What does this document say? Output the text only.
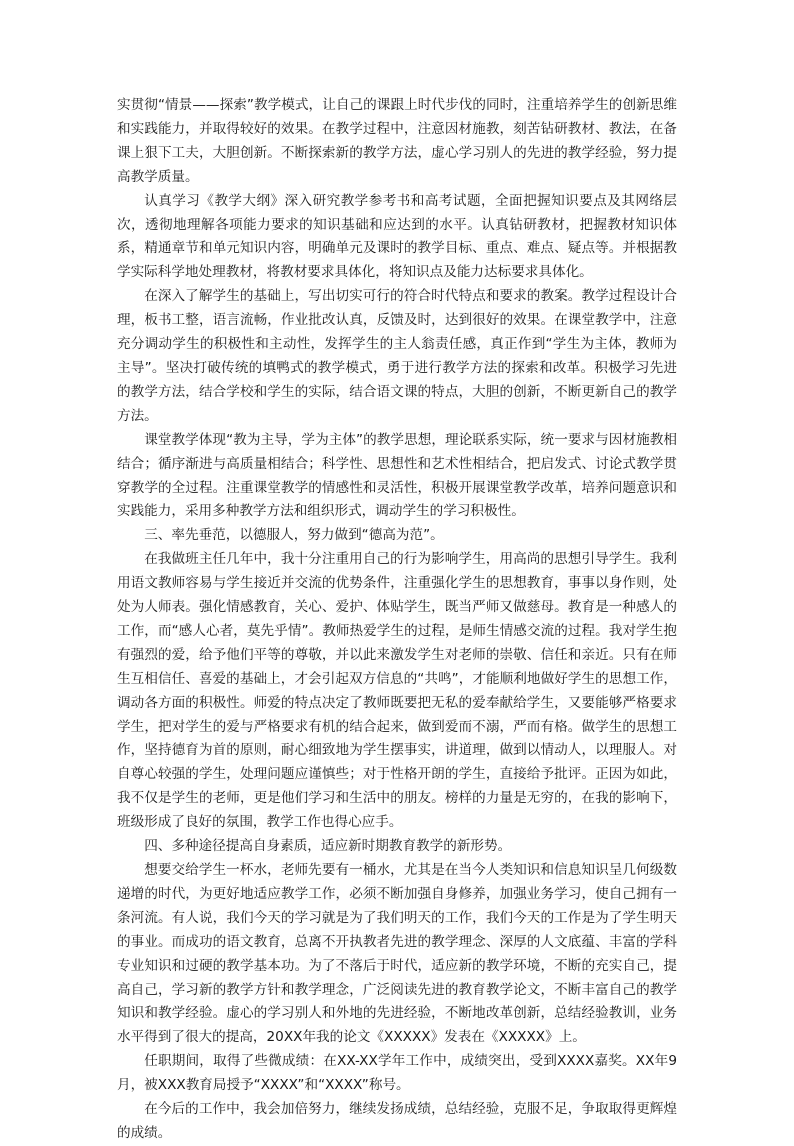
实贯彻“情景——探索”教学模式，让自己的课跟上时代步伐的同时，注重培养学生的创新思维和实践能力，并取得较好的效果。在教学过程中，注意因材施教，刻苦钻研教材、教法，在备课上狠下工夫，大胆创新。不断探索新的教学方法，虚心学习别人的先进的教学经验，努力提高教学质量。

认真学习《教学大纲》深入研究教学参考书和高考试题，全面把握知识要点及其网络层次，透彻地理解各项能力要求的知识基础和应达到的水平。认真钻研教材，把握教材知识体系，精通章节和单元知识内容，明确单元及课时的教学目标、重点、难点、疑点等。并根据教学实际科学地处理教材，将教材要求具体化，将知识点及能力达标要求具体化。

在深入了解学生的基础上，写出切实可行的符合时代特点和要求的教案。教学过程设计合理，板书工整，语言流畅，作业批改认真，反馈及时，达到很好的效果。在课堂教学中，注意充分调动学生的积极性和主动性，发挥学生的主人翁责任感，真正作到“学生为主体，教师为主导”。坚决打破传统的填鸭式的教学模式，勇于进行教学方法的探索和改革。积极学习先进的教学方法，结合学校和学生的实际，结合语文课的特点，大胆的创新，不断更新自己的教学方法。

课堂教学体现“教为主导，学为主体”的教学思想，理论联系实际，统一要求与因材施教相结合；循序渐进与高质量相结合；科学性、思想性和艺术性相结合，把启发式、讨论式教学贯穿教学的全过程。注重课堂教学的情感性和灵活性，积极开展课堂教学改革，培养问题意识和实践能力，采用多种教学方法和组织形式，调动学生的学习积极性。

三、率先垂范，以德服人，努力做到“德高为范”。

在我做班主任几年中，我十分注重用自己的行为影响学生，用高尚的思想引导学生。我利用语文教师容易与学生接近并交流的优势条件，注重强化学生的思想教育，事事以身作则，处处为人师表。强化情感教育，关心、爱护、体贴学生，既当严师又做慈母。教育是一种感人的工作，而“感人心者，莫先乎情”。教师热爱学生的过程，是师生情感交流的过程。我对学生抱有强烈的爱，给予他们平等的尊敬，并以此来激发学生对老师的崇敬、信任和亲近。只有在师生互相信任、喜爱的基础上，才会引起双方信息的“共鸣”，才能顺利地做好学生的思想工作，调动各方面的积极性。师爱的特点决定了教师既要把无私的爱奉献给学生，又要能够严格要求学生，把对学生的爱与严格要求有机的结合起来，做到爱而不溺，严而有格。做学生的思想工作，坚持德育为首的原则，耐心细致地为学生摆事实，讲道理，做到以情动人，以理服人。对自尊心较强的学生，处理问题应谨慎些；对于性格开朗的学生，直接给予批评。正因为如此，我不仅是学生的老师，更是他们学习和生活中的朋友。榜样的力量是无穷的，在我的影响下，班级形成了良好的氛围，教学工作也得心应手。

四、多种途径提高自身素质，适应新时期教育教学的新形势。

想要交给学生一杯水，老师先要有一桶水，尤其是在当今人类知识和信息知识呈几何级数递增的时代，为更好地适应教学工作，必须不断加强自身修养，加强业务学习，使自己拥有一条河流。有人说，我们今天的学习就是为了我们明天的工作，我们今天的工作是为了学生明天的事业。而成功的语文教育，总离不开执教者先进的教学理念、深厚的人文底蕴、丰富的学科专业知识和过硬的教学基本功。为了不落后于时代，适应新的教学环境，不断的充实自己，提高自己，学习新的教学方针和教学理念，广泛阅读先进的教育教学论文，不断丰富自己的教学知识和教学经验。虚心的学习别人和外地的先进经验，不断地改革创新，总结经验教训，业务水平得到了很大的提高，20XX年我的论文《XXXXX》发表在《XXXXX》上。

任职期间，取得了些微成绩：在XX-XX学年工作中，成绩突出，受到XXXX嘉奖。XX年9月，被XXX教育局授予“XXXX”和“XXXX”称号。

在今后的工作中，我会加倍努力，继续发扬成绩，总结经验，克服不足，争取取得更辉煌的成绩。
